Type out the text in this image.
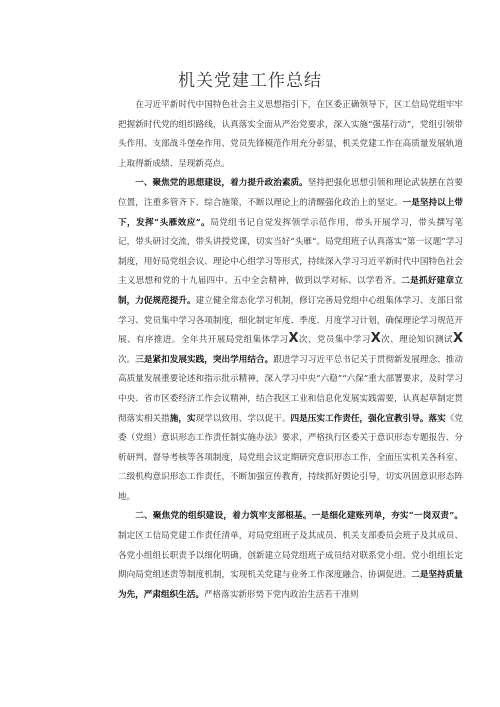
机关党建工作总结

在习近平新时代中国特色社会主义思想指引下，在区委正确领导下，区工信局党组牢牢把握新时代党的组织路线，认真落实全面从严治党要求，深入实施“强基行动”，党组引领带头作用、支部战斗堡垒作用、党员先锋模范作用充分彰显，机关党建工作在高质量发展轨道上取得新成绩、呈现新亮点。

一、聚焦党的思想建设，着力提升政治素质。坚持把强化思想引领和理论武装摆在首要位置，注重多管齐下、综合施策，不断以理论上的清醒强化政治上的坚定。一是坚持以上带下，发挥“头雁效应”。局党组书记自觉发挥领学示范作用，带头开展学习，带头撰写笔记，带头研讨交流，带头讲授党课，切实当好“头雁”。局党组班子认真落实“第一议题”学习制度，用好局党组会议、理论中心组学习等形式，持续深入学习习近平新时代中国特色社会主义思想和党的十九届四中、五中全会精神，做到以学对标、以学看齐。二是抓好建章立制，力促规范提升。建立健全常态化学习机制，修订完善局党组中心组集体学习、支部日常学习、党员集中学习各项制度，细化制定年度、季度、月度学习计划，确保理论学习规范开展、有序推进。全年共开展局党组集体学习X次、党员集中学习X次、理论知识测试X次。三是紧扣发展实践，突出学用结合。跟进学习习近平总书记关于贯彻新发展理念、推动高质量发展重要论述和指示批示精神，深入学习中央“六稳”“六保”重大部署要求，及时学习中央、省市区委经济工作会议精神，结合我区工业和信息化发展实践需要，认真起草制定贯彻落实相关措施，实现学以致用、学以促干。四是压实工作责任，强化宣教引导。落实《党委（党组）意识形态工作责任制实施办法》要求，严格执行区委关于意识形态专题报告、分析研判、督导考核等各项制度，局党组会议定期研究意识形态工作，全面压实机关各科室、二级机构意识形态工作责任，不断加强宣传教育，持续抓好舆论引导，切实巩固意识形态阵地。

二、聚焦党的组织建设，着力筑牢支部根基。一是细化建账列单，夯实“一岗双责”。制定区工信局党建工作责任清单，对局党组班子及其成员、机关支部委员会班子及其成员、各党小组组长职责予以细化明确，创新建立局党组班子成员结对联系党小组、党小组组长定期向局党组述责等制度机制，实现机关党建与业务工作深度融合、协调促进。二是坚持质量为先，严肃组织生活。严格落实新形势下党内政治生活若干准则
